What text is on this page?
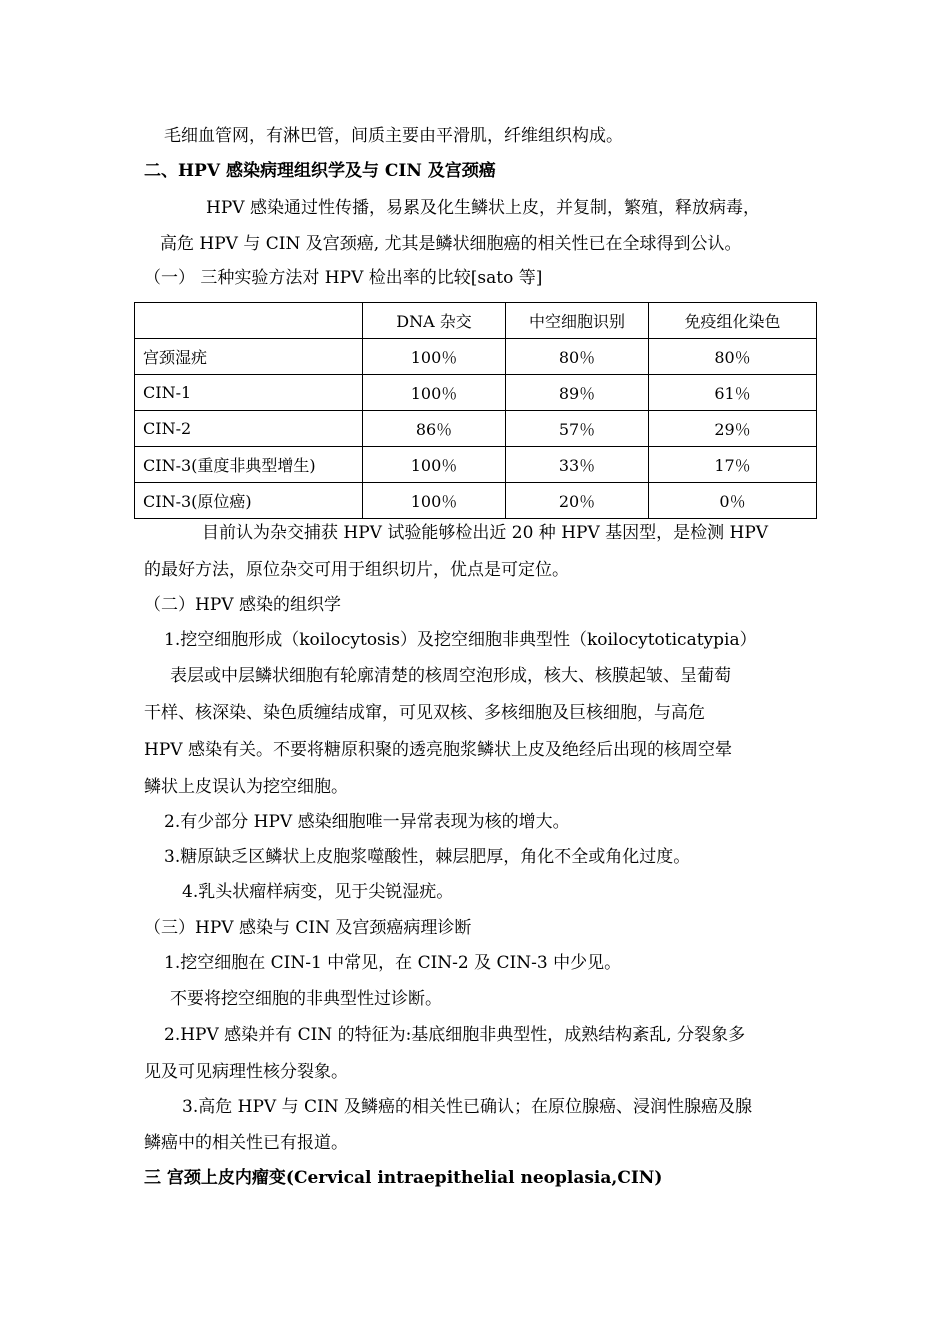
毛细血管网，有淋巴管，间质主要由平滑肌，纤维组织构成。
二、HPV 感染病理组织学及与 CIN 及宫颈癌
HPV 感染通过性传播，易累及化生鳞状上皮，并复制，繁殖，释放病毒，
高危 HPV 与 CIN 及宫颈癌, 尤其是鳞状细胞癌的相关性已在全球得到公认。
（一） 三种实验方法对 HPV 检出率的比较[sato 等]
	DNA 杂交	中空细胞识别	免疫组化染色
宫颈湿疣	100％	80％	80％
CIN-1	100％	89％	61％
CIN-2	86％	57％	29％
CIN-3(重度非典型增生)	100％	33％	17％
CIN-3(原位癌)	100％	20％	0％
目前认为杂交捕获 HPV 试验能够检出近 20 种 HPV 基因型，是检测 HPV
的最好方法，原位杂交可用于组织切片，优点是可定位。
（二）HPV 感染的组织学
1.挖空细胞形成（koilocytosis）及挖空细胞非典型性（koilocytoticatypia）
表层或中层鳞状细胞有轮廓清楚的核周空泡形成，核大、核膜起皱、呈葡萄
干样、核深染、染色质缠结成窜，可见双核、多核细胞及巨核细胞，与高危
HPV 感染有关。不要将糖原积聚的透亮胞浆鳞状上皮及绝经后出现的核周空晕
鳞状上皮误认为挖空细胞。
2.有少部分 HPV 感染细胞唯一异常表现为核的增大。
3.糖原缺乏区鳞状上皮胞浆噬酸性，棘层肥厚，角化不全或角化过度。
4.乳头状瘤样病变，见于尖锐湿疣。
（三）HPV 感染与 CIN 及宫颈癌病理诊断
1.挖空细胞在 CIN-1 中常见，在 CIN-2 及 CIN-3 中少见。
不要将挖空细胞的非典型性过诊断。
2.HPV 感染并有 CIN 的特征为:基底细胞非典型性，成熟结构紊乱, 分裂象多
见及可见病理性核分裂象。
3.高危 HPV 与 CIN 及鳞癌的相关性已确认；在原位腺癌、浸润性腺癌及腺
鳞癌中的相关性已有报道。
三 宫颈上皮内瘤变(Cervical intraepithelial neoplasia,CIN)
